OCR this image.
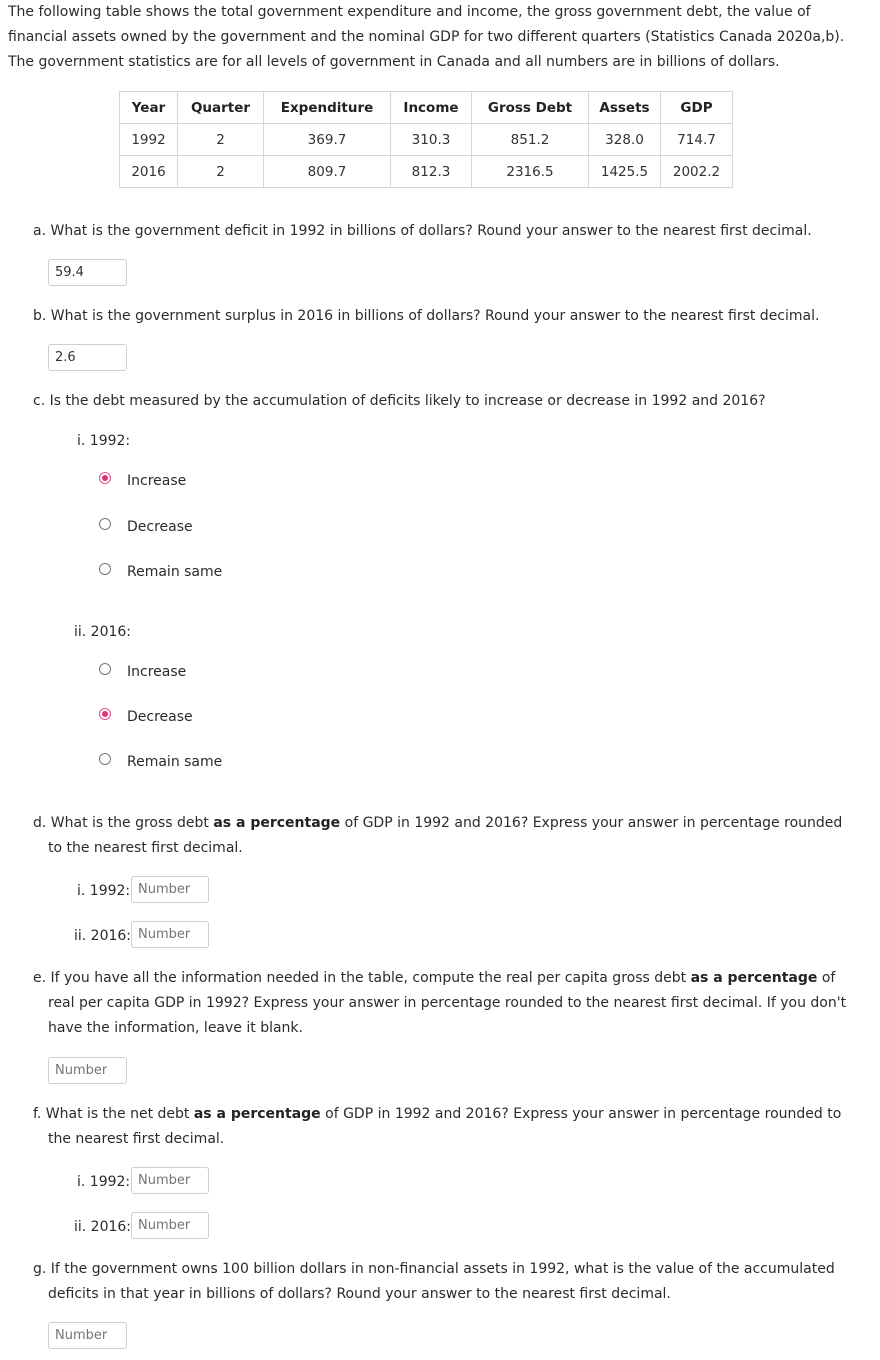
The following table shows the total government expenditure and income, the gross government debt, the value of financial assets owned by the government and the nominal GDP for two different quarters (Statistics Canada 2020a,b). The government statistics are for all levels of government in Canada and all numbers are in billions of dollars.
Year	Quarter	Expenditure	Income	Gross Debt	Assets	GDP
1992	2	369.7	310.3	851.2	328.0	714.7
2016	2	809.7	812.3	2316.5	1425.5	2002.2
a. What is the government deficit in 1992 in billions of dollars? Round your answer to the nearest first decimal.
59.4
b. What is the government surplus in 2016 in billions of dollars? Round your answer to the nearest first decimal.
2.6
c. Is the debt measured by the accumulation of deficits likely to increase or decrease in 1992 and 2016?
i. 1992:
Increase
Decrease
Remain same
ii. 2016:
Increase
Decrease
Remain same
d. What is the gross debt as a percentage of GDP in 1992 and 2016? Express your answer in percentage rounded to the nearest first decimal.
i. 1992:
Number
ii. 2016:
Number
e. If you have all the information needed in the table, compute the real per capita gross debt as a percentage of real per capita GDP in 1992? Express your answer in percentage rounded to the nearest first decimal. If you don't have the information, leave it blank.
Number
f. What is the net debt as a percentage of GDP in 1992 and 2016? Express your answer in percentage rounded to the nearest first decimal.
i. 1992:
Number
ii. 2016:
Number
g. If the government owns 100 billion dollars in non-financial assets in 1992, what is the value of the accumulated deficits in that year in billions of dollars? Round your answer to the nearest first decimal.
Number
